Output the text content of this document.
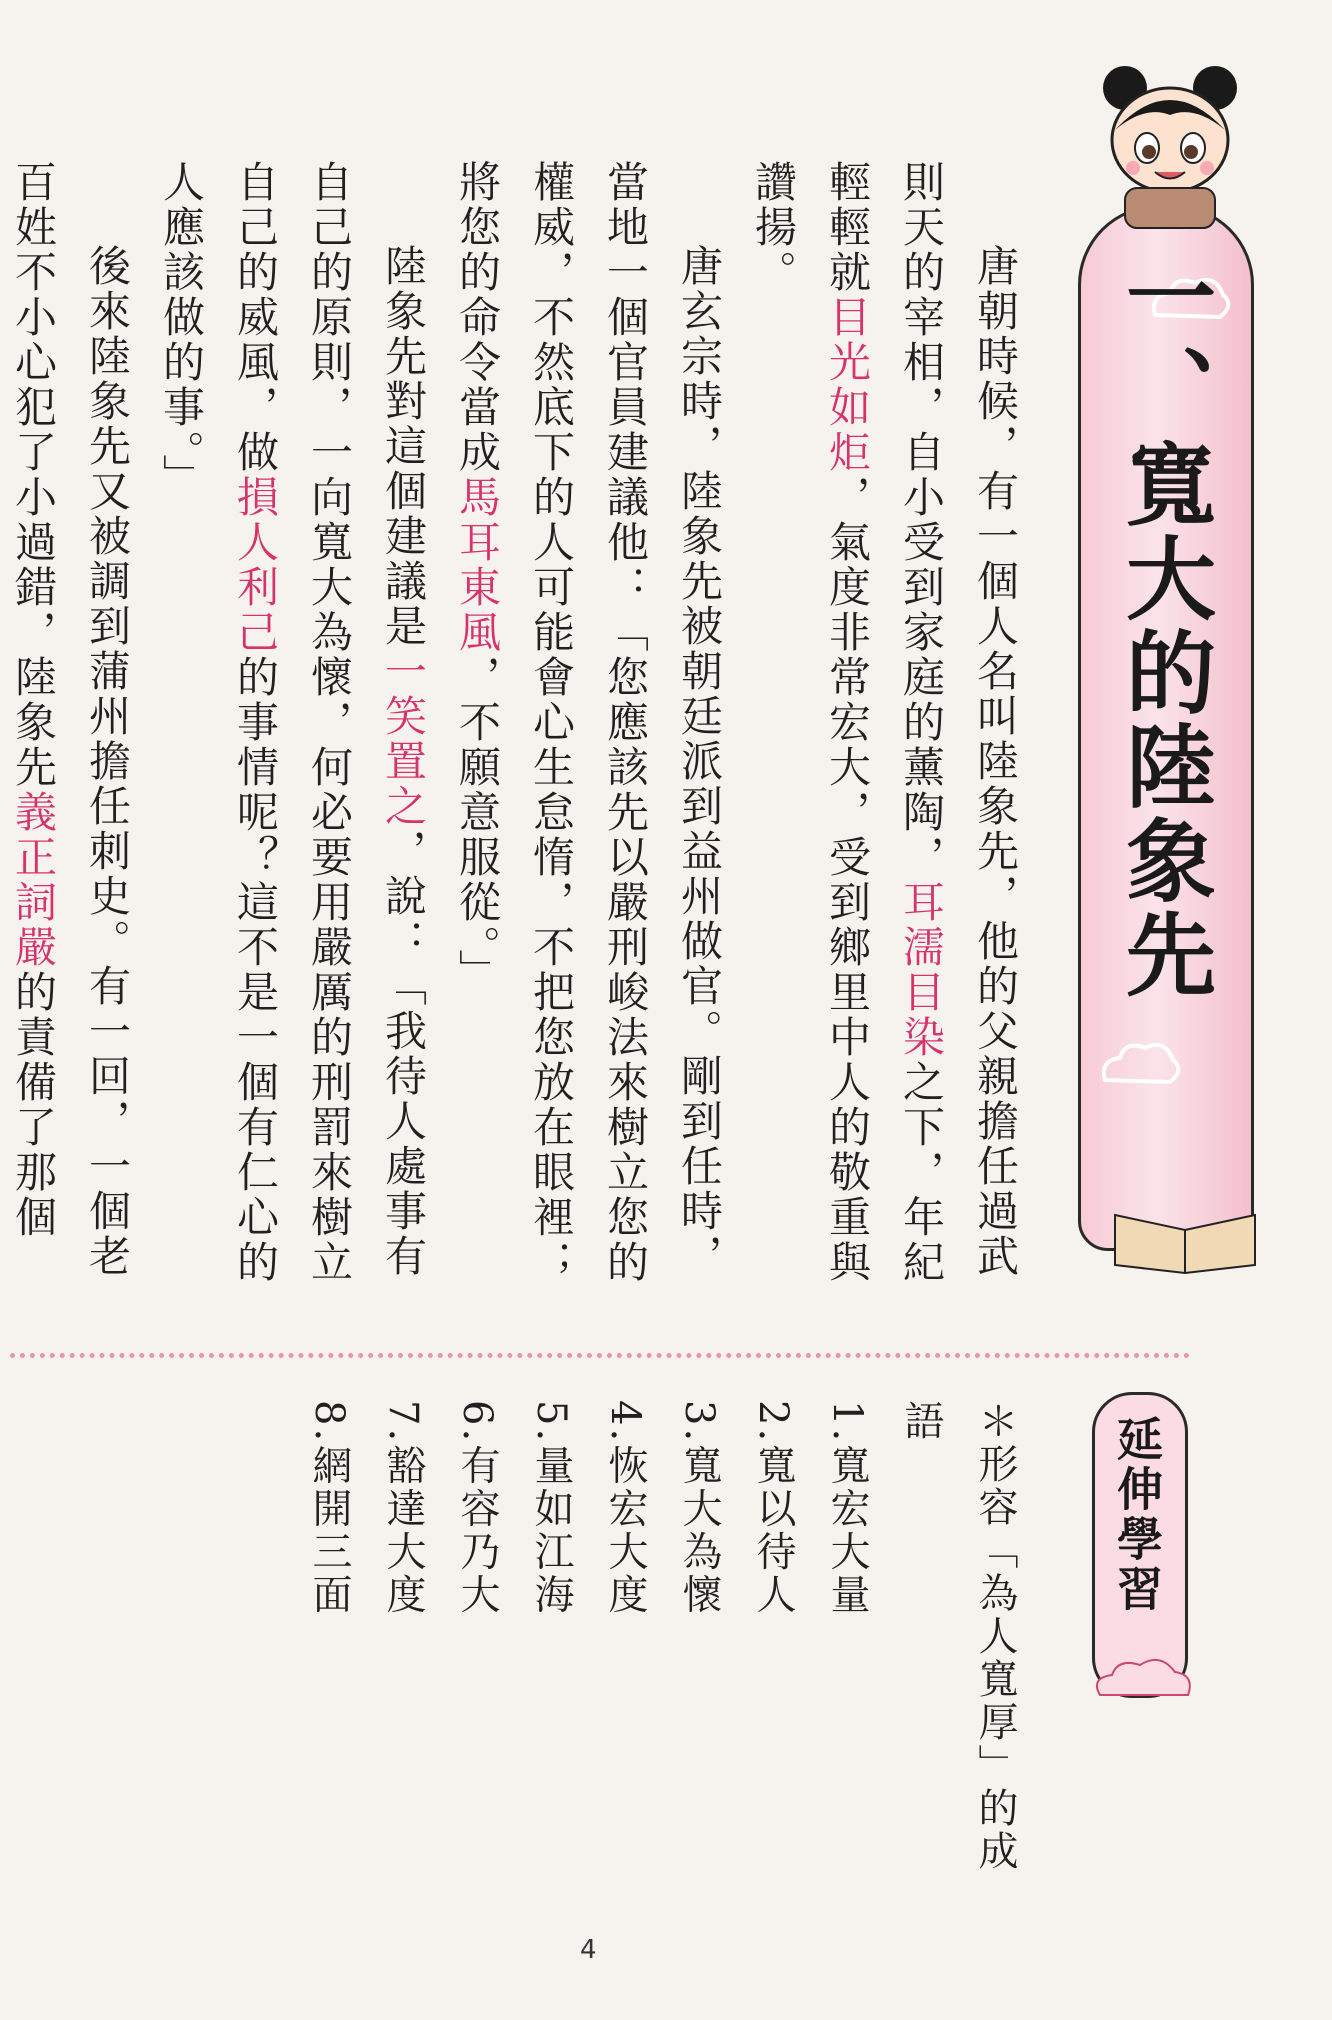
一、寬大的陸象先

唐朝時候，有一個人名叫陸象先，他的父親擔任過武則天的宰相，自小受到家庭的薰陶，耳濡目染之下，年紀輕輕就目光如炬，氣度非常宏大，受到鄉里中人的敬重與讚揚。

唐玄宗時，陸象先被朝廷派到益州做官。剛到任時，當地一個官員建議他：「您應該先以嚴刑峻法來樹立您的權威，不然底下的人可能會心生怠惰，不把您放在眼裡；將您的命令當成馬耳東風，不願意服從。」

陸象先對這個建議是一笑置之，說：「我待人處事有自己的原則，一向寬大為懷，何必要用嚴厲的刑罰來樹立自己的威風，做損人利己的事情呢？這不是一個有仁心的人應該做的事。」

後來陸象先又被調到蒲州擔任刺史。有一回，一個老百姓不小心犯了小過錯，陸象先義正詞嚴的責備了那個

延伸學習

＊形容「為人寬厚」的成語

1.寬宏大量

2.寬以待人

3.寬大為懷

4.恢宏大度

5.量如江海

6.有容乃大

7.豁達大度

8.網開三面

4
